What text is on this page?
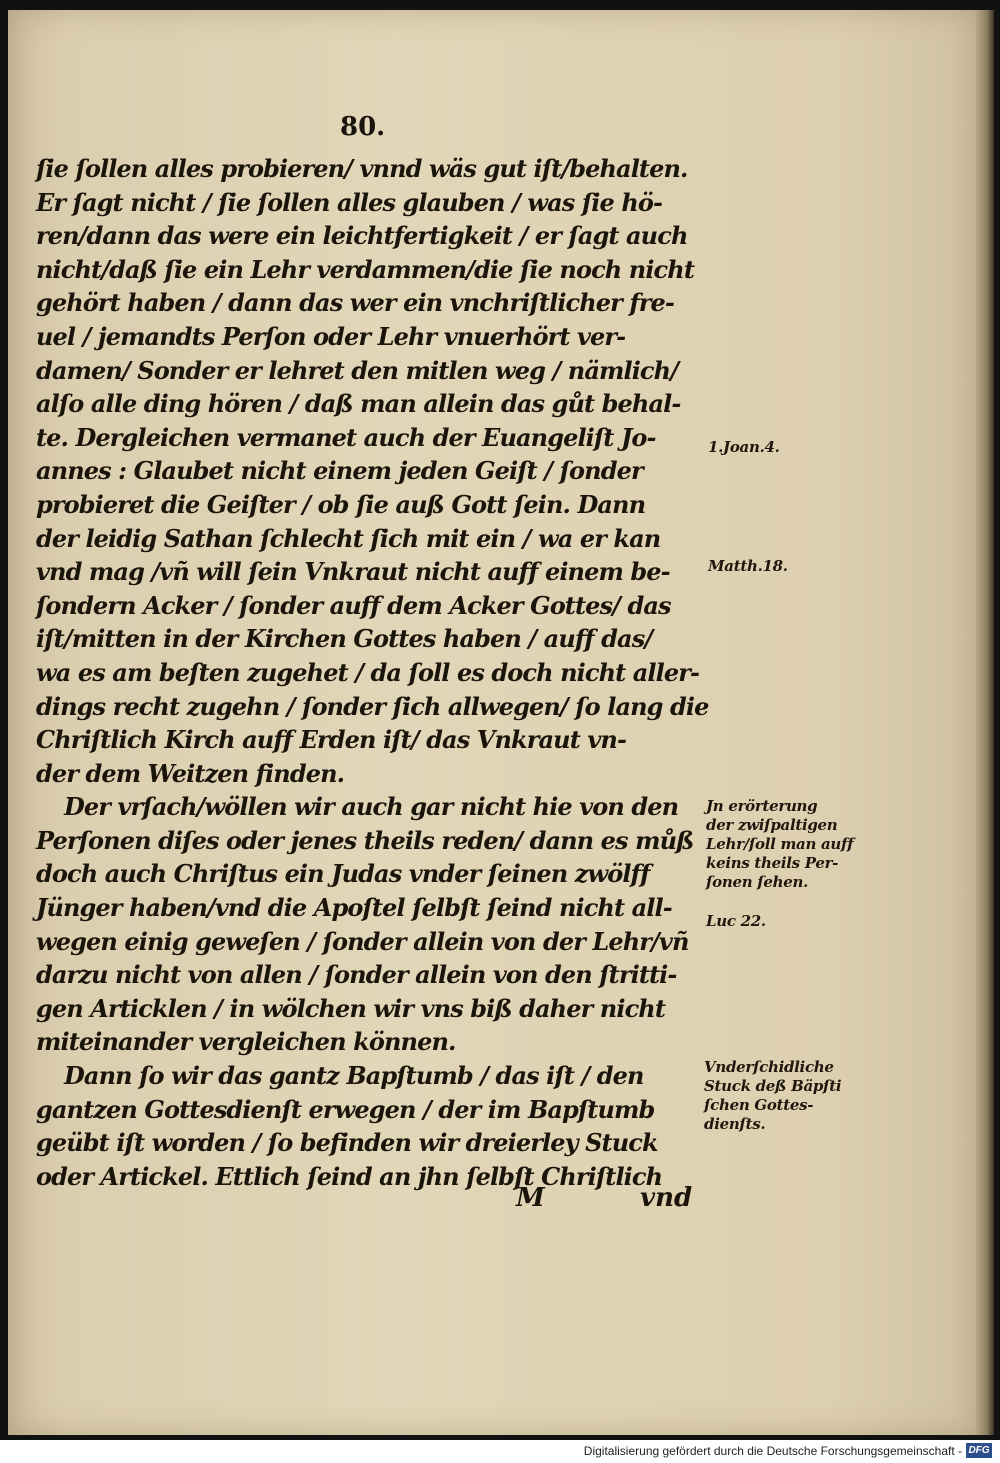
80.
ſie ſollen alles probieren/ vnnd wäs gut iſt/behalten.
Er ſagt nicht / ſie ſollen alles glauben / was ſie hö-
ren/dann das were ein leichtfertigkeit / er ſagt auch
nicht/daß ſie ein Lehr verdammen/die ſie noch nicht
gehört haben / dann das wer ein vnchriſtlicher fre-
uel / jemandts Perſon oder Lehr vnuerhört ver-
damen/ Sonder er lehret den mitlen weg / nämlich/
alſo alle ding hören / daß man allein das gůt behal-
te. Dergleichen vermanet auch der Euangeliſt Jo-
annes : Glaubet nicht einem jeden Geiſt / ſonder
probieret die Geiſter / ob ſie auß Gott ſein. Dann
der leidig Sathan ſchlecht ſich mit ein / wa er kan
vnd mag /vñ will ſein Vnkraut nicht auff einem be-
ſondern Acker / ſonder auff dem Acker Gottes/ das
iſt/mitten in der Kirchen Gottes haben / auff das/
wa es am beſten zugehet / da ſoll es doch nicht aller-
dings recht zugehn / ſonder ſich allwegen/ ſo lang die
Chriſtlich Kirch auff Erden iſt/ das Vnkraut vn-
der dem Weitzen finden.
Der vrſach/wöllen wir auch gar nicht hie von den
Perſonen diſes oder jenes theils reden/ dann es můß
doch auch Chriſtus ein Judas vnder ſeinen zwölff
Jünger haben/vnd die Apoſtel ſelbſt ſeind nicht all-
wegen einig geweſen / ſonder allein von der Lehr/vñ
darzu nicht von allen / ſonder allein von den ſtritti-
gen Articklen / in wölchen wir vns biß daher nicht
miteinander vergleichen können.
Dann ſo wir das gantz Bapſtumb / das iſt / den
gantzen Gottesdienſt erwegen / der im Bapſtumb
geübt iſt worden / ſo befinden wir dreierley Stuck
oder Artickel. Ettlich ſeind an jhn ſelbſt Chriſtlich
1.Joan.4.
Matth.18.
Jn erörterung
der zwiſpaltigen
Lehr/ſoll man auff
keins theils Per-
ſonen ſehen.
Luc 22.
Vnderſchidliche
Stuck deß Bäpſti
ſchen Gottes-
dienſts.
M	vnd
Digitalisierung gefördert durch die Deutsche Forschungsgemeinschaft - DFG
